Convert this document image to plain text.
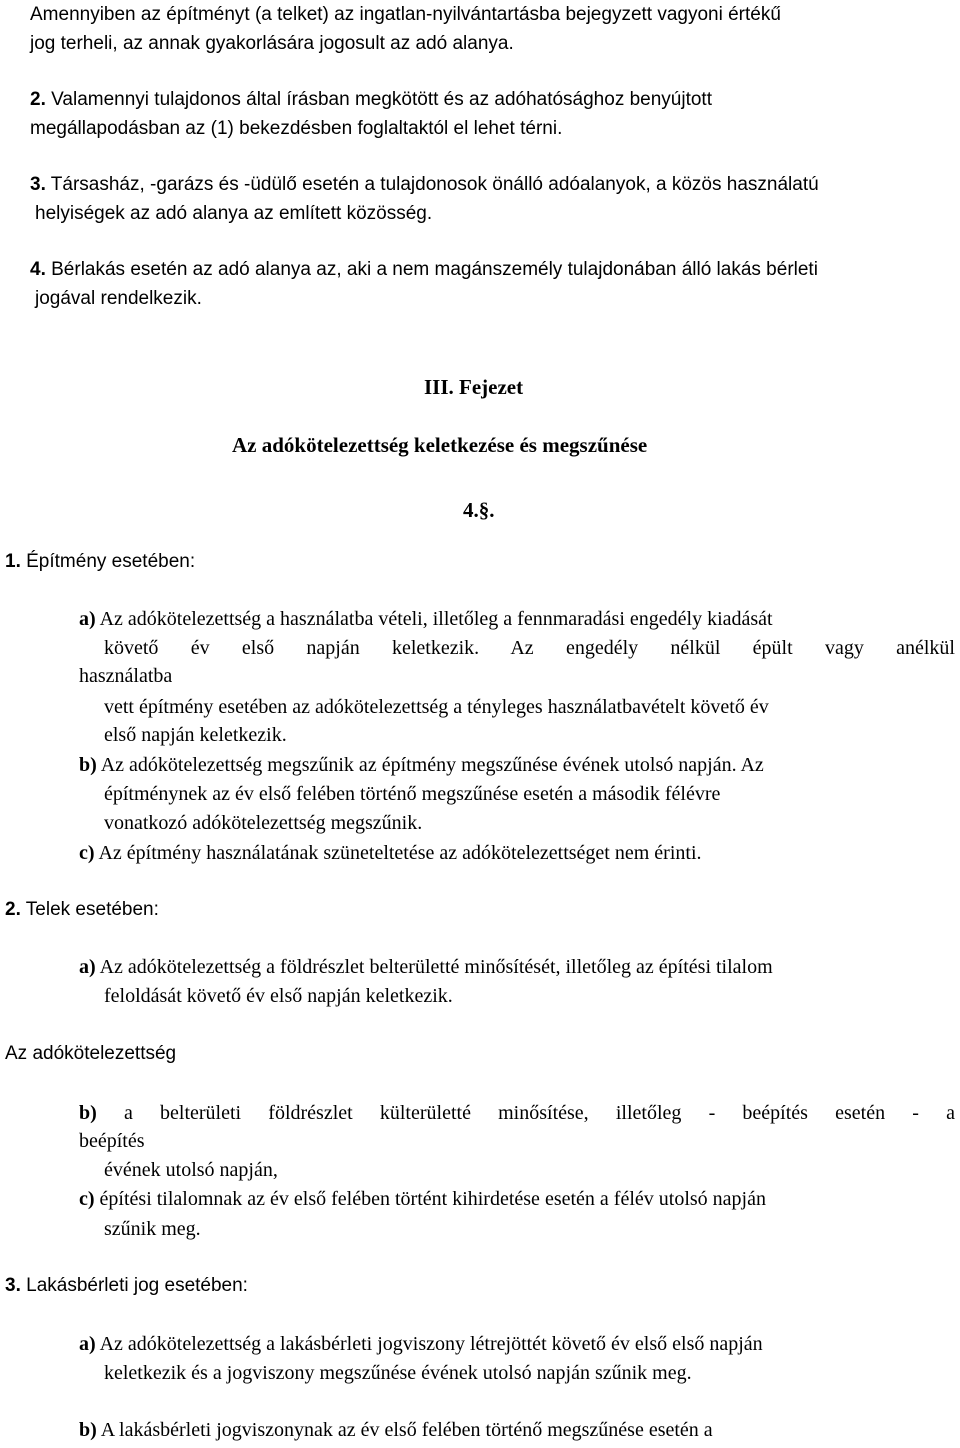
Amennyiben az építményt (a telket) az ingatlan-nyilvántartásba bejegyzett vagyoni értékű
jog terheli, az annak gyakorlására jogosult az adó alanya.
2. Valamennyi tulajdonos által írásban megkötött és az adóhatósághoz benyújtott
megállapodásban az (1) bekezdésben foglaltaktól el lehet térni.
3. Társasház, -garázs és -üdülő esetén a tulajdonosok önálló adóalanyok, a közös használatú
helyiségek az adó alanya az említett közösség.
4. Bérlakás esetén az adó alanya az, aki a nem magánszemély tulajdonában álló lakás bérleti
jogával rendelkezik.
III. Fejezet
Az adókötelezettség keletkezése és megszűnése
4.§.
1. Építmény esetében:
a) Az adókötelezettség a használatba vételi, illetőleg a fennmaradási engedély kiadását
követő év első napján keletkezik. Az engedély nélkül épült vagy anélkül
használatba
vett építmény esetében az adókötelezettség a tényleges használatbavételt követő év
első napján keletkezik.
b) Az adókötelezettség megszűnik az építmény megszűnése évének utolsó napján. Az
építménynek az év első felében történő megszűnése esetén a második félévre
vonatkozó adókötelezettség megszűnik.
c) Az építmény használatának szüneteltetése az adókötelezettséget nem érinti.
2. Telek esetében:
a) Az adókötelezettség a földrészlet belterületté minősítését, illetőleg az építési tilalom
feloldását követő év első napján keletkezik.
Az adókötelezettség
b) a belterületi földrészlet külterületté minősítése, illetőleg - beépítés esetén - a
beépítés
évének utolsó napján,
c) építési tilalomnak az év első felében történt kihirdetése esetén a félév utolsó napján
szűnik meg.
3. Lakásbérleti jog esetében:
a) Az adókötelezettség a lakásbérleti jogviszony létrejöttét követő év első első napján
keletkezik és a jogviszony megszűnése évének utolsó napján szűnik meg.
b) A lakásbérleti jogviszonynak az év első felében történő megszűnése esetén a
